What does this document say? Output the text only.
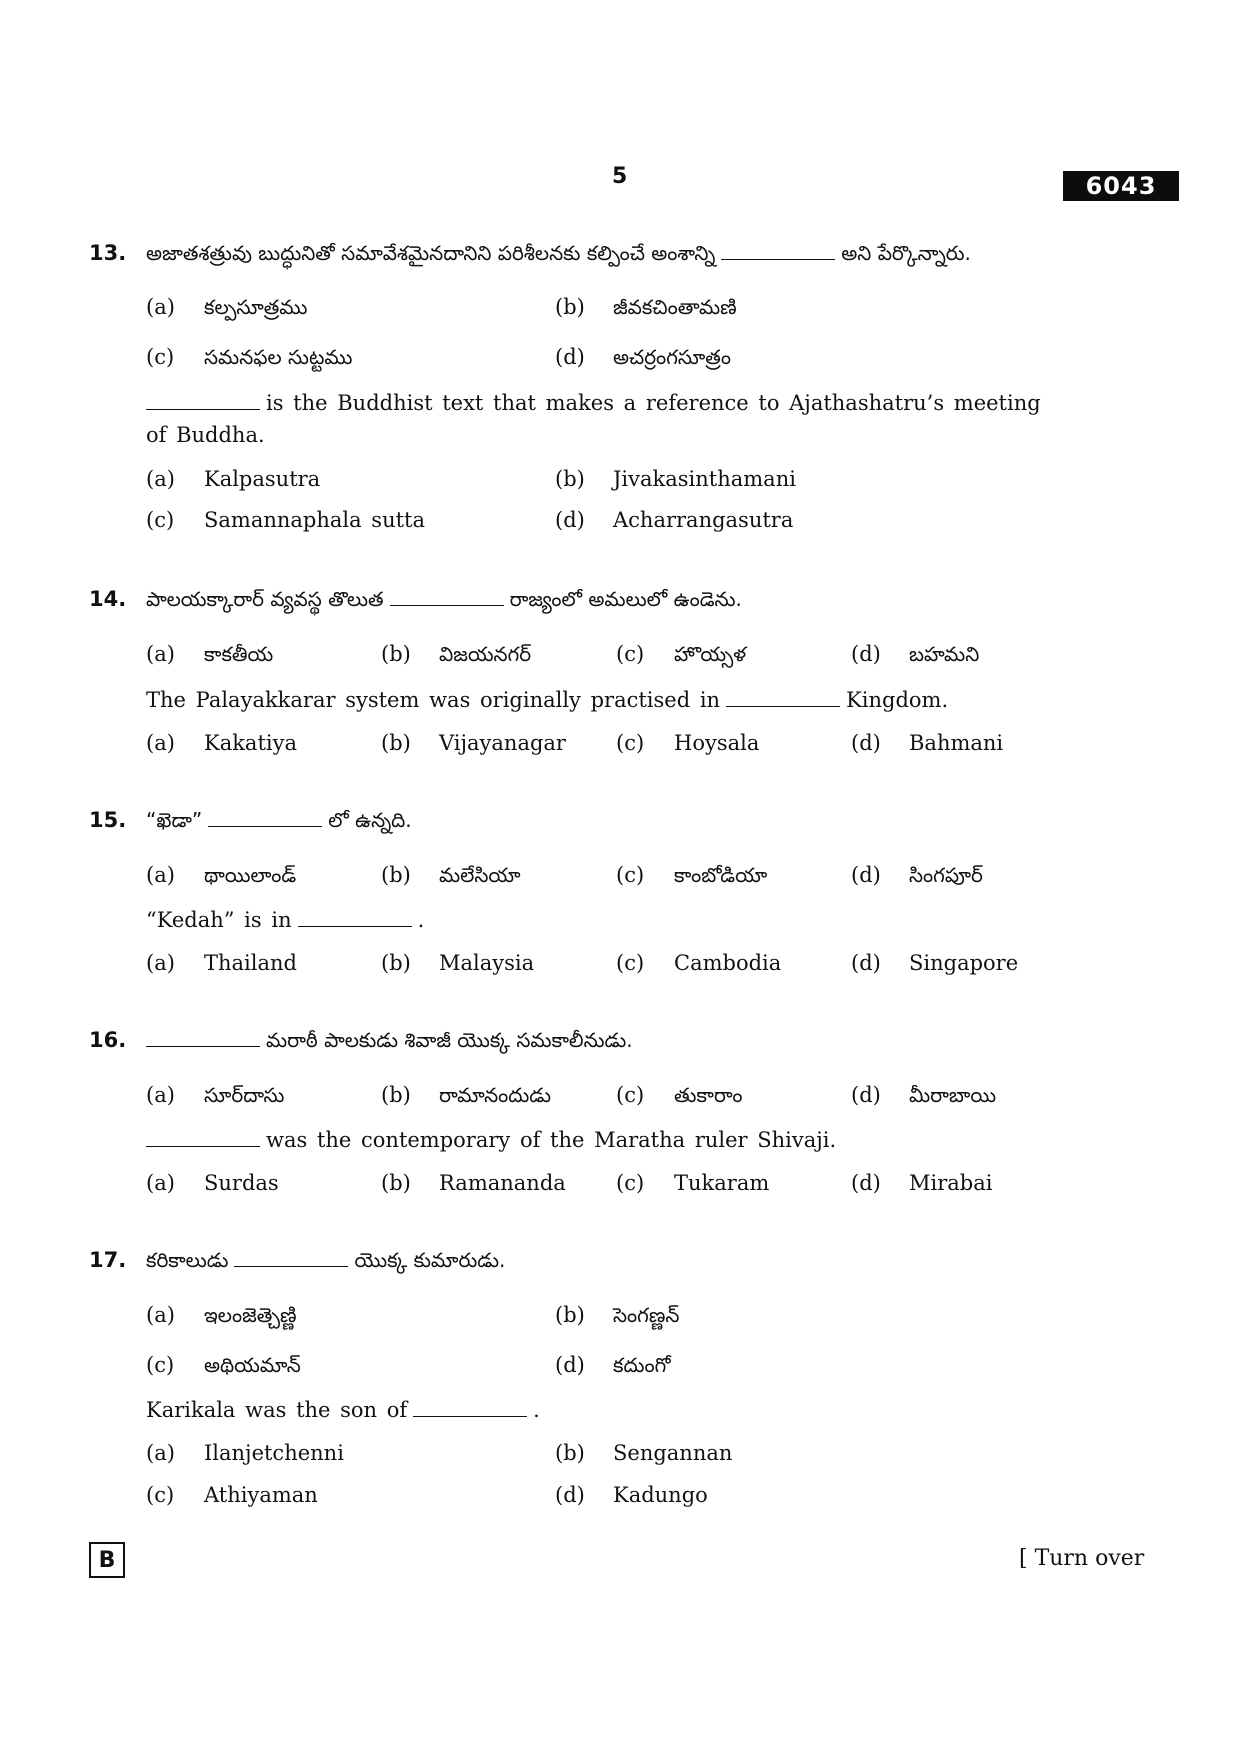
5	6043
13. అజాతశత్రువు బుద్ధునితో సమావేశమైనదానిని పరిశీలనకు కల్పించే అంశాన్ని	అని పేర్కొన్నారు.
(a) కల్పసూత్రము	(b) జీవకచింతామణి
(c) సమనఫల సుట్టము	(d) అచర్రంగసూత్రం
is the Buddhist text that makes a reference to Ajathashatru’s meeting
of Buddha.
(a) Kalpasutra	(b) Jivakasinthamani
(c) Samannaphala sutta	(d) Acharrangasutra
14. పాలయక్కారార్ వ్యవస్థ తొలుత	రాజ్యంలో అమలులో ఉండెను.
(a) కాకతీయ	(b) విజయనగర్	(c) హొయ్సళ	(d) బహమని
The Palayakkarar system was originally practised in	Kingdom.
(a) Kakatiya	(b) Vijayanagar (c) Hoysala	(d) Bahmani
15. “ఖెడా”	లో ఉన్నది.
(a) థాయిలాండ్	(b) మలేసియా	(c) కాంబోడియా	(d) సింగపూర్
“Kedah” is in	.
(a) Thailand	(b) Malaysia	(c) Cambodia	(d) Singapore
16.	మరాఠీ పాలకుడు శివాజీ యొక్క సమకాలీనుడు.
(a) సూర్‌దాసు	(b) రామానందుడు	(c) తుకారాం	(d) మీరాబాయి
was the contemporary of the Maratha ruler Shivaji.
(a) Surdas	(b) Ramananda (c) Tukaram	(d) Mirabai
17. కరికాలుడు	యొక్క కుమారుడు.
(a) ఇలంజెత్చెణ్ణి	(b) సెంగణ్ణన్
(c) అథియమాన్	(d) కదుంగో
Karikala was the son of	.
(a) Ilanjetchenni	(b) Sengannan
(c) Athiyaman	(d) Kadungo
B	[ Turn over
